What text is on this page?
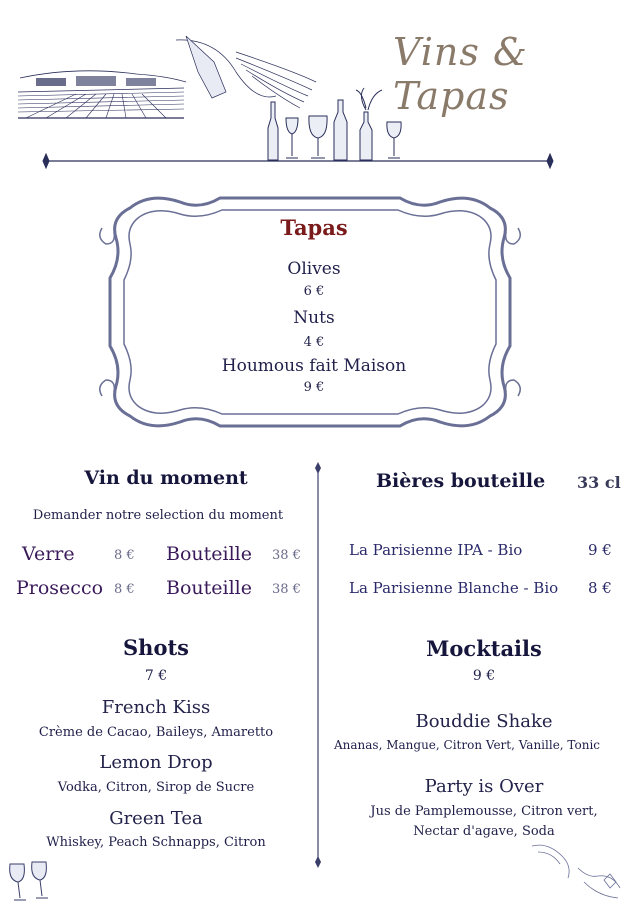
Vins & Tapas
Tapas
Olives
6 €
Nuts
4 €
Houmous fait Maison
9 €
Vin du moment
Demander notre selection du moment
Verre	8 € Bouteille 38 €
Prosecco 8 € Bouteille 38 €
Bières bouteille 33 cl
La Parisienne IPA - Bio	9 €
La Parisienne Blanche - Bio 8 €
Shots
7 €
French Kiss
Crème de Cacao, Baileys, Amaretto
Lemon Drop
Vodka, Citron, Sirop de Sucre
Green Tea
Whiskey, Peach Schnapps, Citron
Mocktails
9 €
Bouddie Shake
Ananas, Mangue, Citron Vert, Vanille, Tonic
Party is Over
Jus de Pamplemousse, Citron vert,
Nectar d'agave, Soda
